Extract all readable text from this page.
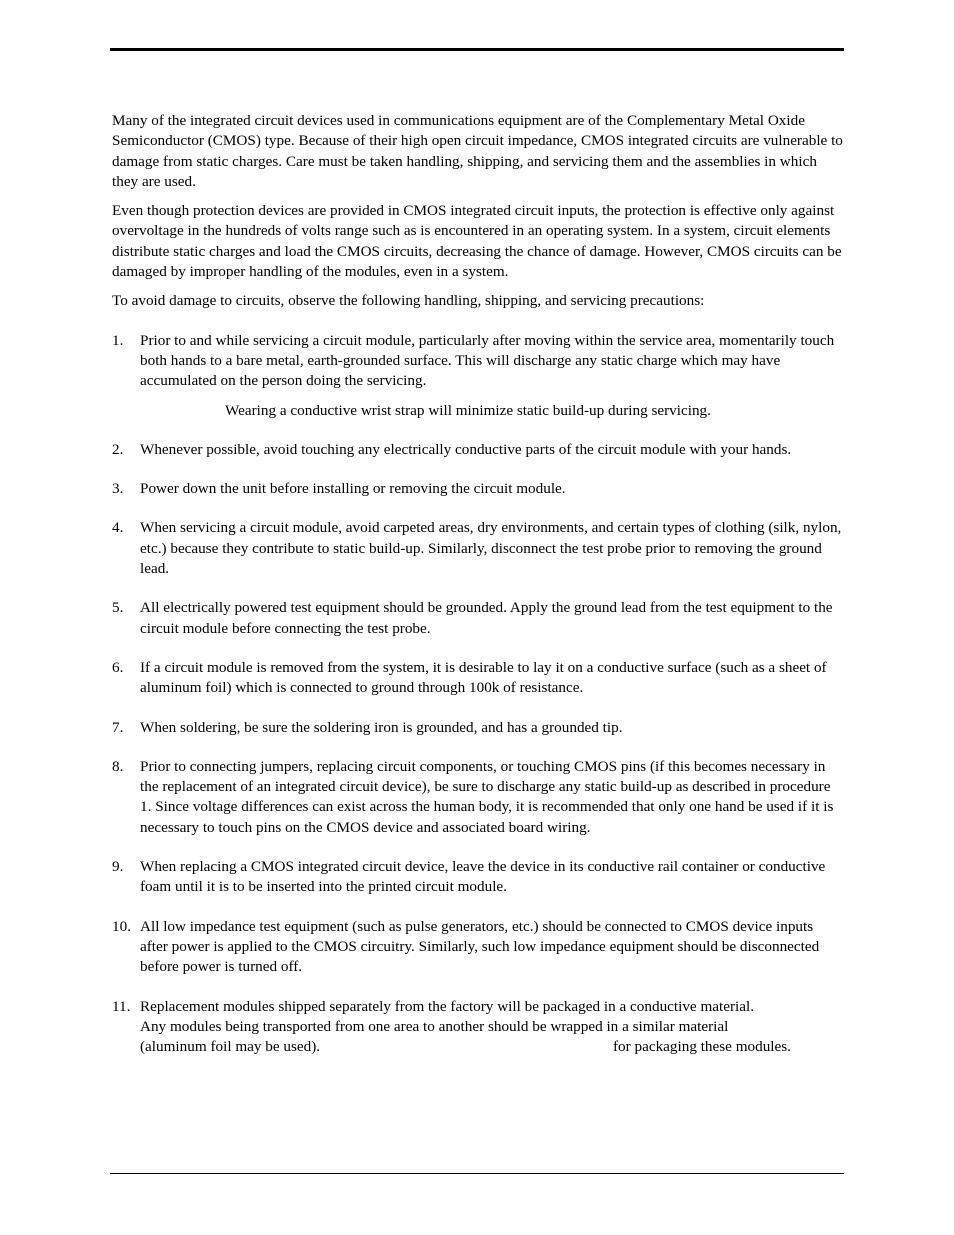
Many of the integrated circuit devices used in communications equipment are of the Complementary Metal Oxide Semiconductor (CMOS) type. Because of their high open circuit impedance, CMOS integrated circuits are vulnerable to damage from static charges. Care must be taken handling, shipping, and servicing them and the assemblies in which they are used.

Even though protection devices are provided in CMOS integrated circuit inputs, the protection is effective only against overvoltage in the hundreds of volts range such as is encountered in an operating system. In a system, circuit elements distribute static charges and load the CMOS circuits, decreasing the chance of damage. However, CMOS circuits can be damaged by improper handling of the modules, even in a system.

To avoid damage to circuits, observe the following handling, shipping, and servicing precautions:

1. Prior to and while servicing a circuit module, particularly after moving within the service area, momentarily touch both hands to a bare metal, earth-grounded surface. This will discharge any static charge which may have accumulated on the person doing the servicing.

Wearing a conductive wrist strap will minimize static build-up during servicing.

2. Whenever possible, avoid touching any electrically conductive parts of the circuit module with your hands.

3. Power down the unit before installing or removing the circuit module.

4. When servicing a circuit module, avoid carpeted areas, dry environments, and certain types of clothing (silk, nylon, etc.) because they contribute to static build-up. Similarly, disconnect the test probe prior to removing the ground lead.

5. All electrically powered test equipment should be grounded. Apply the ground lead from the test equipment to the circuit module before connecting the test probe.

6. If a circuit module is removed from the system, it is desirable to lay it on a conductive surface (such as a sheet of aluminum foil) which is connected to ground through 100k of resistance.

7. When soldering, be sure the soldering iron is grounded, and has a grounded tip.

8. Prior to connecting jumpers, replacing circuit components, or touching CMOS pins (if this becomes necessary in the replacement of an integrated circuit device), be sure to discharge any static build-up as described in procedure 1. Since voltage differences can exist across the human body, it is recommended that only one hand be used if it is necessary to touch pins on the CMOS device and associated board wiring.

9. When replacing a CMOS integrated circuit device, leave the device in its conductive rail container or conductive foam until it is to be inserted into the printed circuit module.

10. All low impedance test equipment (such as pulse generators, etc.) should be connected to CMOS device inputs after power is applied to the CMOS circuitry. Similarly, such low impedance equipment should be disconnected before power is turned off.

11. Replacement modules shipped separately from the factory will be packaged in a conductive material.

Any modules being transported from one area to another should be wrapped in a similar material

(aluminum foil may be used).	for packaging these modules.
